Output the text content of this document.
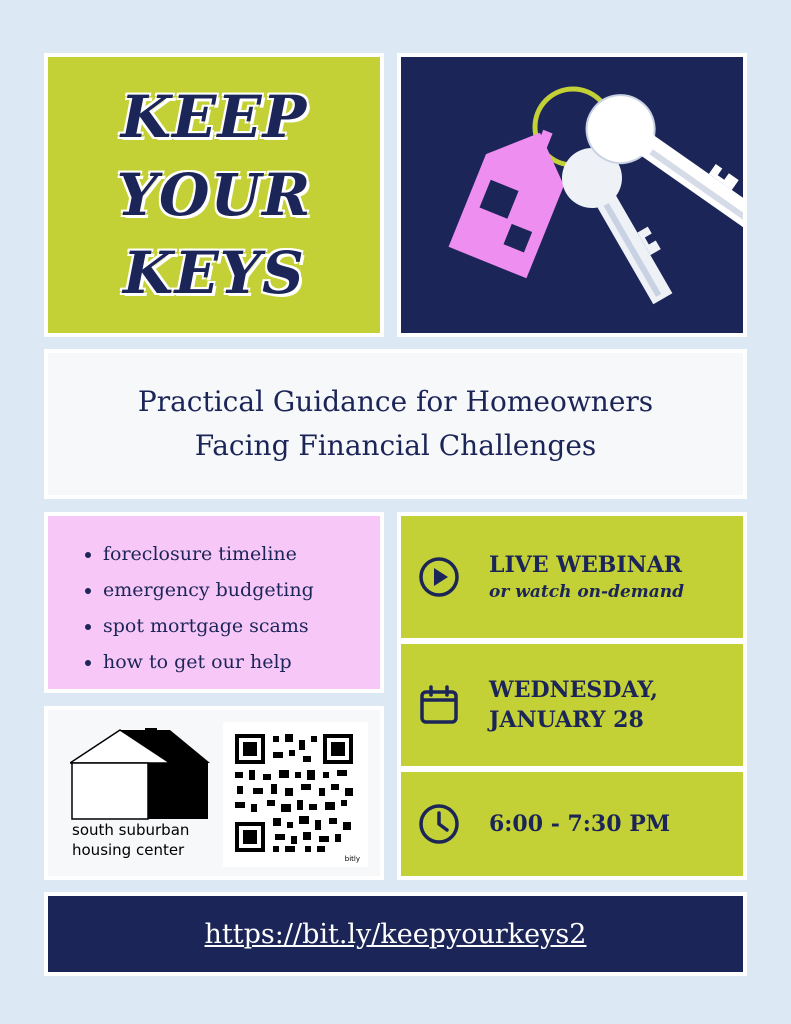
KEEP
YOUR
KEYS
Practical Guidance for Homeowners
Facing Financial Challenges
• foreclosure timeline
• emergency budgeting
• spot mortgage scams
• how to get our help
south suburban
housing center	bitly
LIVE WEBINAR
or watch on-demand
WEDNESDAY,
JANUARY 28
6:00 - 7:30 PM
https://bit.ly/keepyourkeys2
